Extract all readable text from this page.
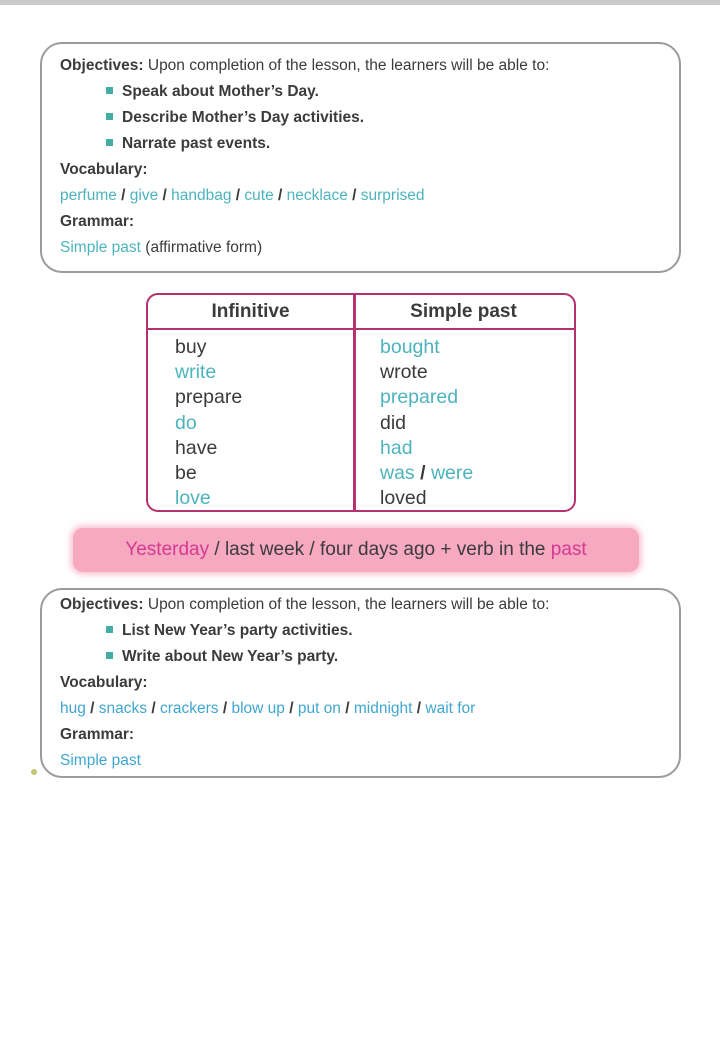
Objectives: Upon completion of the lesson, the learners will be able to:

Speak about Mother’s Day.
Describe Mother’s Day activities.
Narrate past events.

Vocabulary:

perfume / give / handbag / cute / necklace / surprised

Grammar:

Simple past (affirmative form)

Infinitive	Simple past
buy	bought
write	wrote
prepare	prepared
do	did
have	had
be	was / were
love	loved
Yesterday / last week / four days ago + verb in the past

Objectives: Upon completion of the lesson, the learners will be able to:

List New Year’s party activities.
Write about New Year’s party.

Vocabulary:

hug / snacks / crackers / blow up / put on / midnight / wait for

Grammar:

Simple past
